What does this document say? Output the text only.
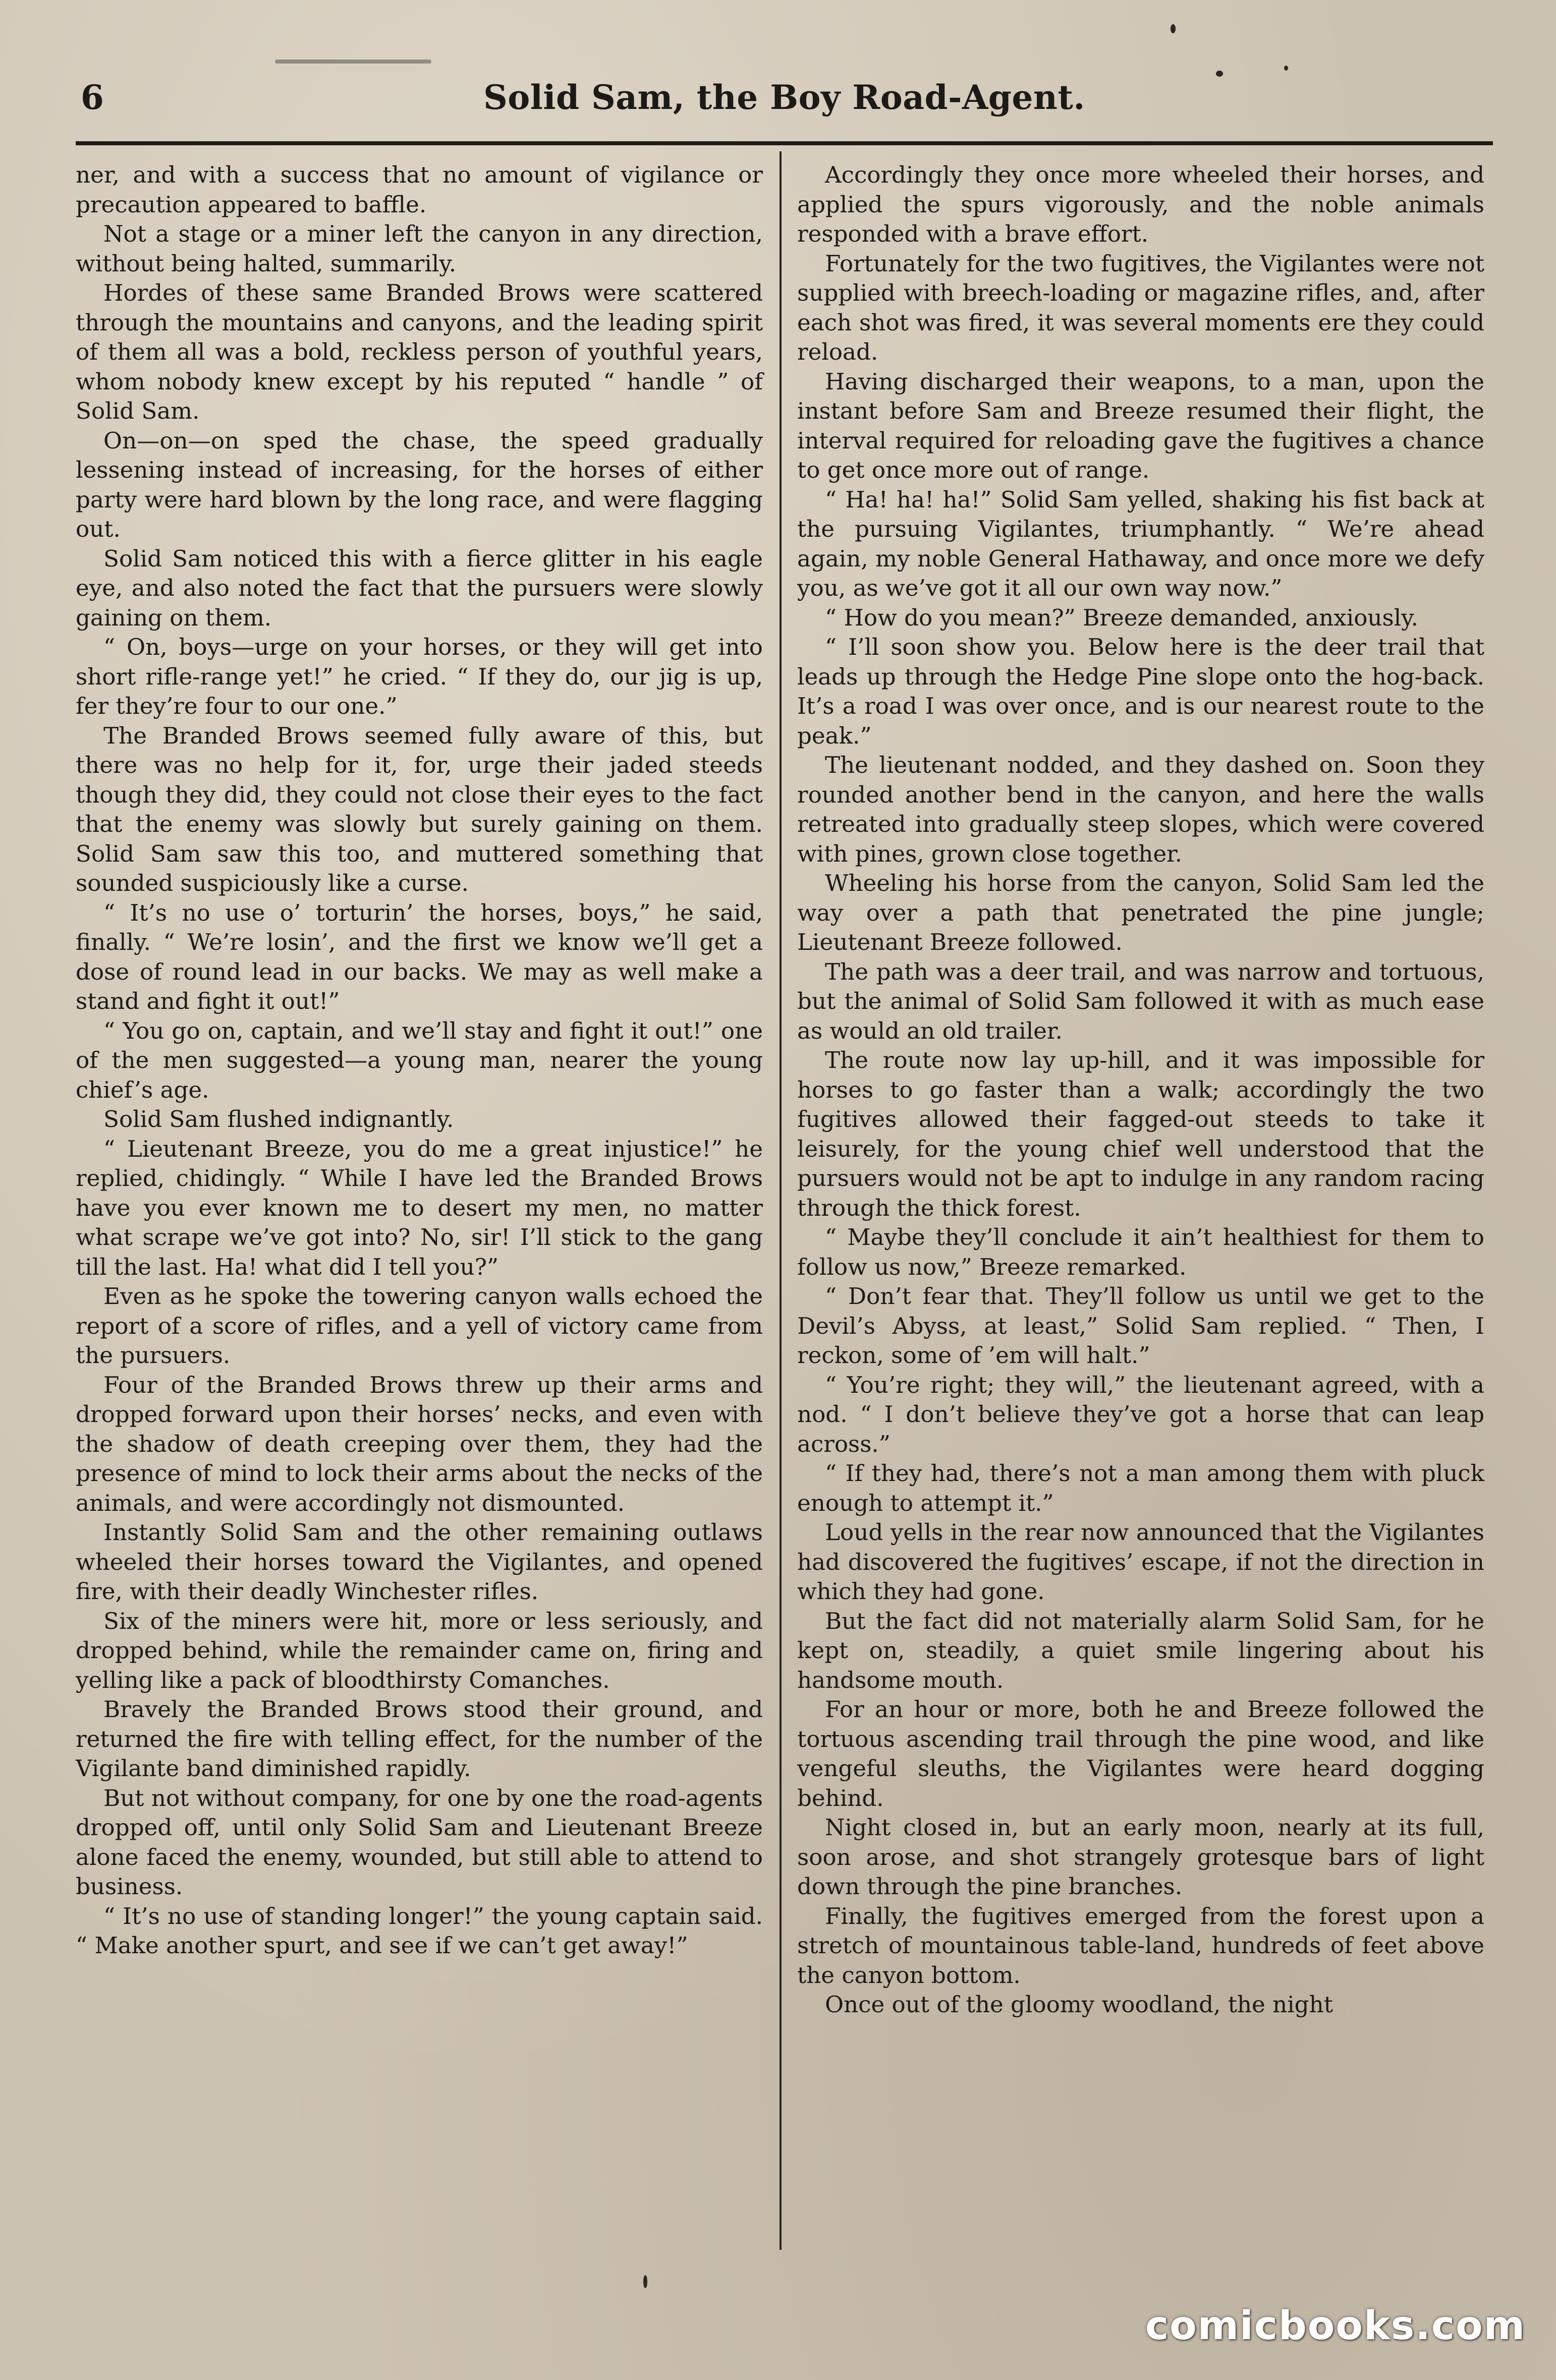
6	Solid Sam, the Boy Road-Agent.

ner, and with a success that no amount of vigilance or precaution appeared to baffle.

Not a stage or a miner left the canyon in any direction, without being halted, summarily.

Hordes of these same Branded Brows were scattered through the mountains and canyons, and the leading spirit of them all was a bold, reckless person of youthful years, whom nobody knew except by his reputed “ handle ” of Solid Sam.

On—on—on sped the chase, the speed gradually lessening instead of increasing, for the horses of either party were hard blown by the long race, and were flagging out.

Solid Sam noticed this with a fierce glitter in his eagle eye, and also noted the fact that the pursuers were slowly gaining on them.

“ On, boys—urge on your horses, or they will get into short rifle-range yet!” he cried. “ If they do, our jig is up, fer they’re four to our one.”

The Branded Brows seemed fully aware of this, but there was no help for it, for, urge their jaded steeds though they did, they could not close their eyes to the fact that the enemy was slowly but surely gaining on them. Solid Sam saw this too, and muttered something that sounded suspiciously like a curse.

“ It’s no use o’ torturin’ the horses, boys,” he said, finally. “ We’re losin’, and the first we know we’ll get a dose of round lead in our backs. We may as well make a stand and fight it out!”

“ You go on, captain, and we’ll stay and fight it out!” one of the men suggested—a young man, nearer the young chief’s age.

Solid Sam flushed indignantly.

“ Lieutenant Breeze, you do me a great injustice!” he replied, chidingly. “ While I have led the Branded Brows have you ever known me to desert my men, no matter what scrape we’ve got into? No, sir! I’ll stick to the gang till the last. Ha! what did I tell you?”

Even as he spoke the towering canyon walls echoed the report of a score of rifles, and a yell of victory came from the pursuers.

Four of the Branded Brows threw up their arms and dropped forward upon their horses’ necks, and even with the shadow of death creeping over them, they had the presence of mind to lock their arms about the necks of the animals, and were accordingly not dismounted.

Instantly Solid Sam and the other remaining outlaws wheeled their horses toward the Vigilantes, and opened fire, with their deadly Winchester rifles.

Six of the miners were hit, more or less seriously, and dropped behind, while the remainder came on, firing and yelling like a pack of bloodthirsty Comanches.

Bravely the Branded Brows stood their ground, and returned the fire with telling effect, for the number of the Vigilante band diminished rapidly.

But not without company, for one by one the road-agents dropped off, until only Solid Sam and Lieutenant Breeze alone faced the enemy, wounded, but still able to attend to business.

“ It’s no use of standing longer!” the young captain said. “ Make another spurt, and see if we can’t get away!”

Accordingly they once more wheeled their horses, and applied the spurs vigorously, and the noble animals responded with a brave effort.

Fortunately for the two fugitives, the Vigilantes were not supplied with breech-loading or magazine rifles, and, after each shot was fired, it was several moments ere they could reload.

Having discharged their weapons, to a man, upon the instant before Sam and Breeze resumed their flight, the interval required for reloading gave the fugitives a chance to get once more out of range.

“ Ha! ha! ha!” Solid Sam yelled, shaking his fist back at the pursuing Vigilantes, triumphantly. “ We’re ahead again, my noble General Hathaway, and once more we defy you, as we’ve got it all our own way now.”

“ How do you mean?” Breeze demanded, anxiously.

“ I’ll soon show you. Below here is the deer trail that leads up through the Hedge Pine slope onto the hog-back. It’s a road I was over once, and is our nearest route to the peak.”

The lieutenant nodded, and they dashed on. Soon they rounded another bend in the canyon, and here the walls retreated into gradually steep slopes, which were covered with pines, grown close together.

Wheeling his horse from the canyon, Solid Sam led the way over a path that penetrated the pine jungle; Lieutenant Breeze followed.

The path was a deer trail, and was narrow and tortuous, but the animal of Solid Sam followed it with as much ease as would an old trailer.

The route now lay up-hill, and it was impossible for horses to go faster than a walk; accordingly the two fugitives allowed their fagged-out steeds to take it leisurely, for the young chief well understood that the pursuers would not be apt to indulge in any random racing through the thick forest.

“ Maybe they’ll conclude it ain’t healthiest for them to follow us now,” Breeze remarked.

“ Don’t fear that. They’ll follow us until we get to the Devil’s Abyss, at least,” Solid Sam replied. “ Then, I reckon, some of ’em will halt.”

“ You’re right; they will,” the lieutenant agreed, with a nod. “ I don’t believe they’ve got a horse that can leap across.”

“ If they had, there’s not a man among them with pluck enough to attempt it.”

Loud yells in the rear now announced that the Vigilantes had discovered the fugitives’ escape, if not the direction in which they had gone.

But the fact did not materially alarm Solid Sam, for he kept on, steadily, a quiet smile lingering about his handsome mouth.

For an hour or more, both he and Breeze followed the tortuous ascending trail through the pine wood, and like vengeful sleuths, the Vigilantes were heard dogging behind.

Night closed in, but an early moon, nearly at its full, soon arose, and shot strangely grotesque bars of light down through the pine branches.

Finally, the fugitives emerged from the forest upon a stretch of mountainous table-land, hundreds of feet above the canyon bottom.

Once out of the gloomy woodland, the night

comicbooks.com
